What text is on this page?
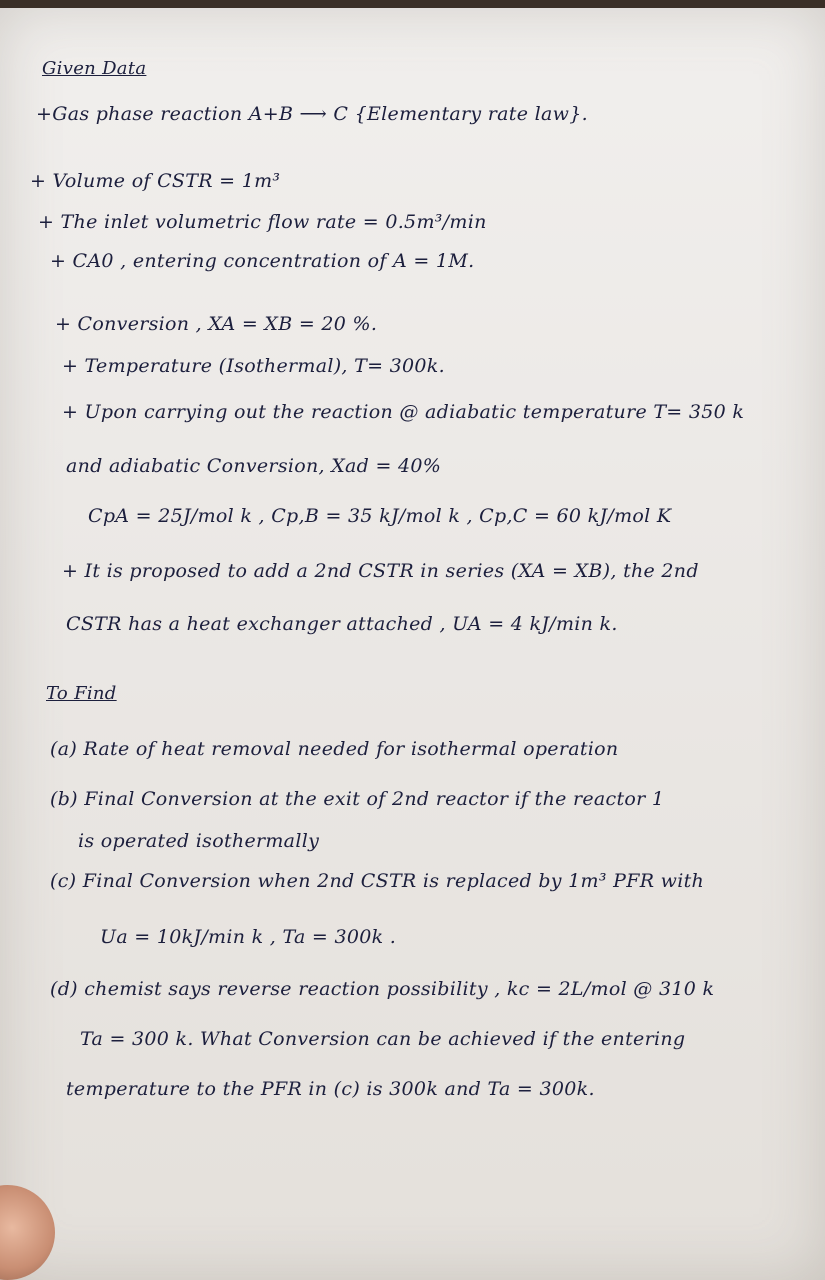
Given Data
+Gas phase reaction A+B ⟶ C {Elementary rate law}.
+ Volume of CSTR = 1m³
+ The inlet volumetric flow rate = 0.5m³/min
+ CA0 , entering concentration of A = 1M.
+ Conversion , XA = XB = 20 %.
+ Temperature (Isothermal), T= 300k.
+ Upon carrying out the reaction @ adiabatic temperature T= 350 k
and adiabatic Conversion, Xad = 40%
CpA = 25J/mol k , Cp,B = 35 kJ/mol k , Cp,C = 60 kJ/mol K
+ It is proposed to add a 2nd CSTR in series (XA = XB), the 2nd
CSTR has a heat exchanger attached , UA = 4 kJ/min k.
To Find
(a) Rate of heat removal needed for isothermal operation
(b) Final Conversion at the exit of 2nd reactor if the reactor 1
is operated isothermally
(c) Final Conversion when 2nd CSTR is replaced by 1m³ PFR with
Ua = 10kJ/min k , Ta = 300k .
(d) chemist says reverse reaction possibility , kc = 2L/mol @ 310 k
Ta = 300 k. What Conversion can be achieved if the entering
temperature to the PFR in (c) is 300k and Ta = 300k.
